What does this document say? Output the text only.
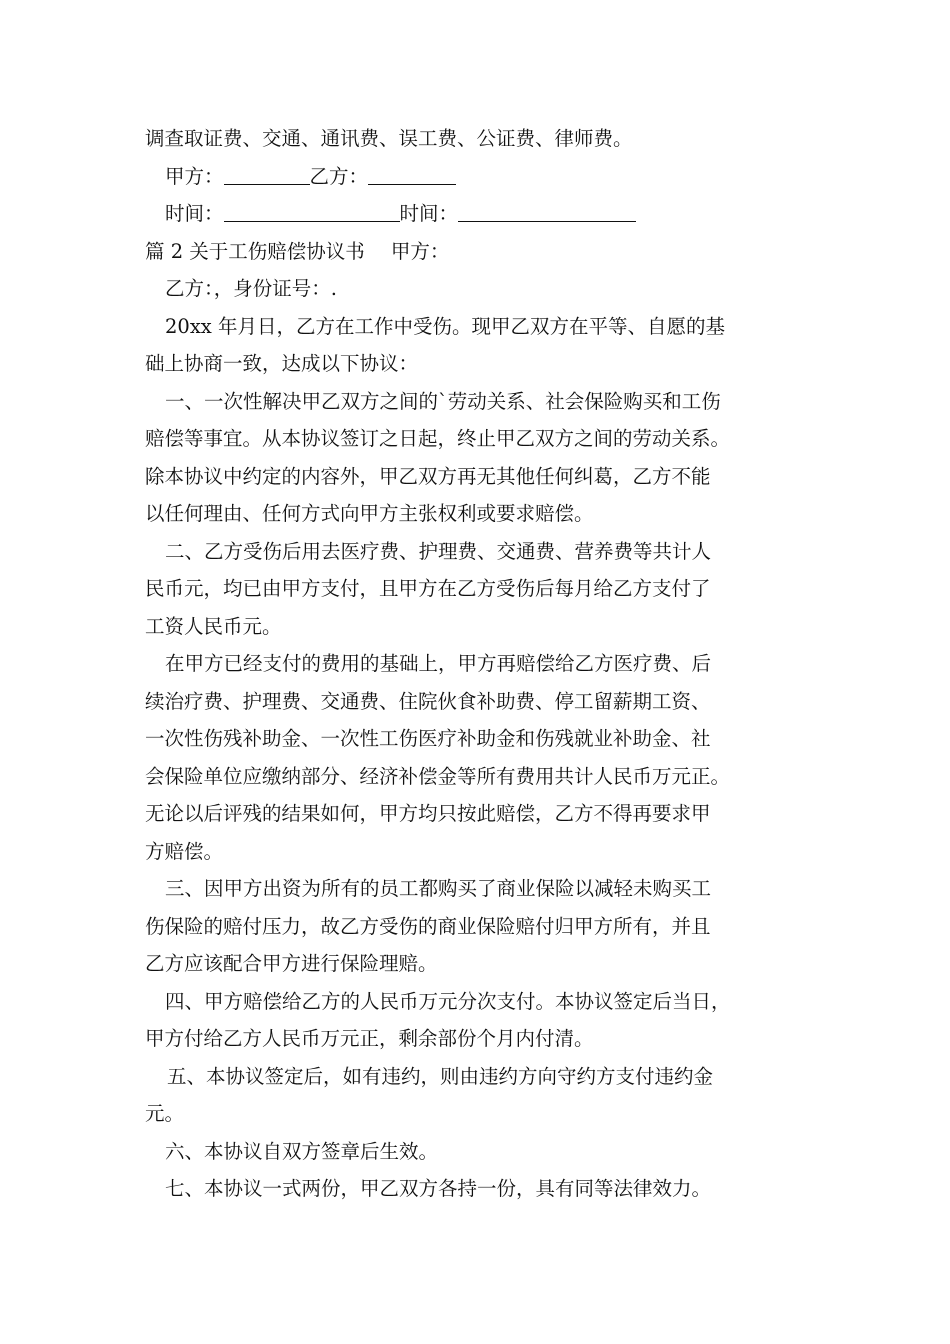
调查取证费、交通、通讯费、误工费、公证费、律师费。
甲方：	乙方：
时间：	时间：
篇 2 关于工伤赔偿协议书 甲方：
乙方：，身份证号：.
20xx 年月日，乙方在工作中受伤。现甲乙双方在平等、自愿的基
础上协商一致，达成以下协议：
一、一次性解决甲乙双方之间的`劳动关系、社会保险购买和工伤
赔偿等事宜。从本协议签订之日起，终止甲乙双方之间的劳动关系。
除本协议中约定的内容外，甲乙双方再无其他任何纠葛，乙方不能
以任何理由、任何方式向甲方主张权利或要求赔偿。
二、乙方受伤后用去医疗费、护理费、交通费、营养费等共计人
民币元，均已由甲方支付，且甲方在乙方受伤后每月给乙方支付了
工资人民币元。
在甲方已经支付的费用的基础上，甲方再赔偿给乙方医疗费、后
续治疗费、护理费、交通费、住院伙食补助费、停工留薪期工资、
一次性伤残补助金、一次性工伤医疗补助金和伤残就业补助金、社
会保险单位应缴纳部分、经济补偿金等所有费用共计人民币万元正。
无论以后评残的结果如何，甲方均只按此赔偿，乙方不得再要求甲
方赔偿。
三、因甲方出资为所有的员工都购买了商业保险以减轻未购买工
伤保险的赔付压力，故乙方受伤的商业保险赔付归甲方所有，并且
乙方应该配合甲方进行保险理赔。
四、甲方赔偿给乙方的人民币万元分次支付。本协议签定后当日，
甲方付给乙方人民币万元正，剩余部份个月内付清。
五、本协议签定后，如有违约，则由违约方向守约方支付违约金
元。
六、本协议自双方签章后生效。
七、本协议一式两份，甲乙双方各持一份，具有同等法律效力。
